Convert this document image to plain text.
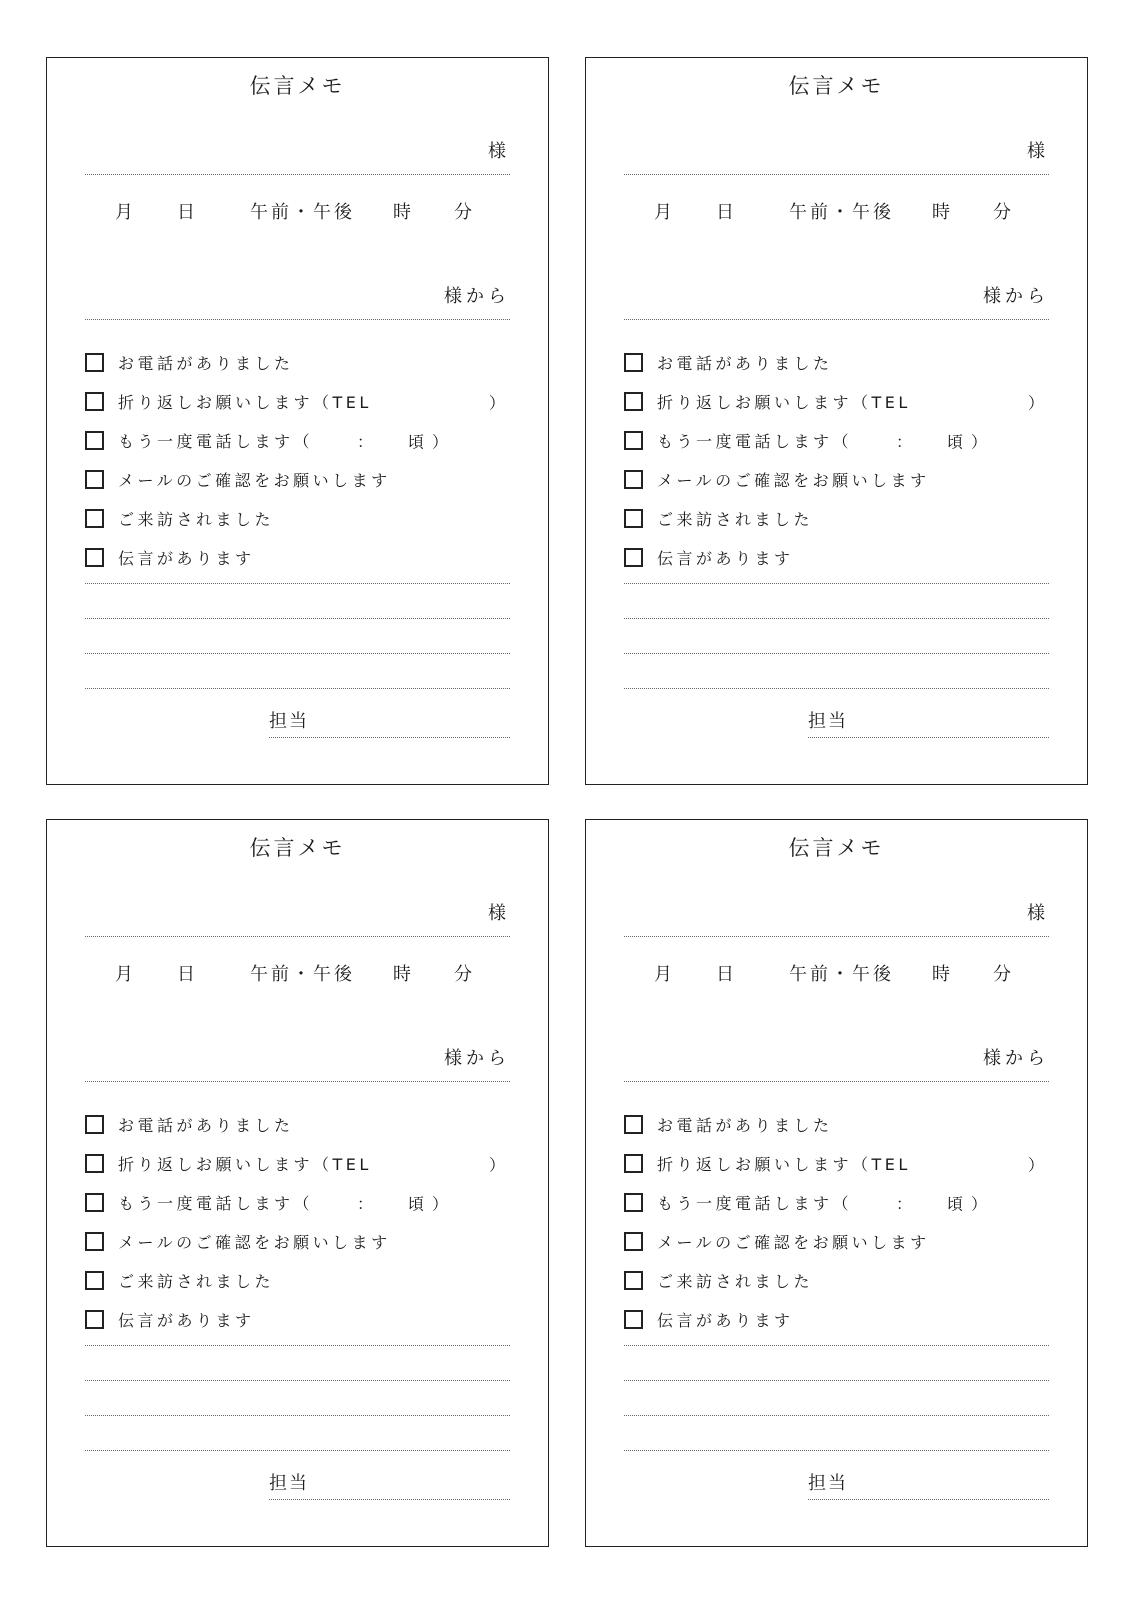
伝言メモ
様
月 日	午前・午後 時 分
様から
お電話がありました
折り返しお願いします（TEL	）
もう一度電話します（	： 頃 ）
メールのご確認をお願いします
ご来訪されました
伝言があります
担当
伝言メモ
様
月 日	午前・午後 時 分
様から
お電話がありました
折り返しお願いします（TEL	）
もう一度電話します（	： 頃 ）
メールのご確認をお願いします
ご来訪されました
伝言があります
担当
伝言メモ
様
月 日	午前・午後 時 分
様から
お電話がありました
折り返しお願いします（TEL	）
もう一度電話します（	： 頃 ）
メールのご確認をお願いします
ご来訪されました
伝言があります
担当
伝言メモ
様
月 日	午前・午後 時 分
様から
お電話がありました
折り返しお願いします（TEL	）
もう一度電話します（	： 頃 ）
メールのご確認をお願いします
ご来訪されました
伝言があります
担当
